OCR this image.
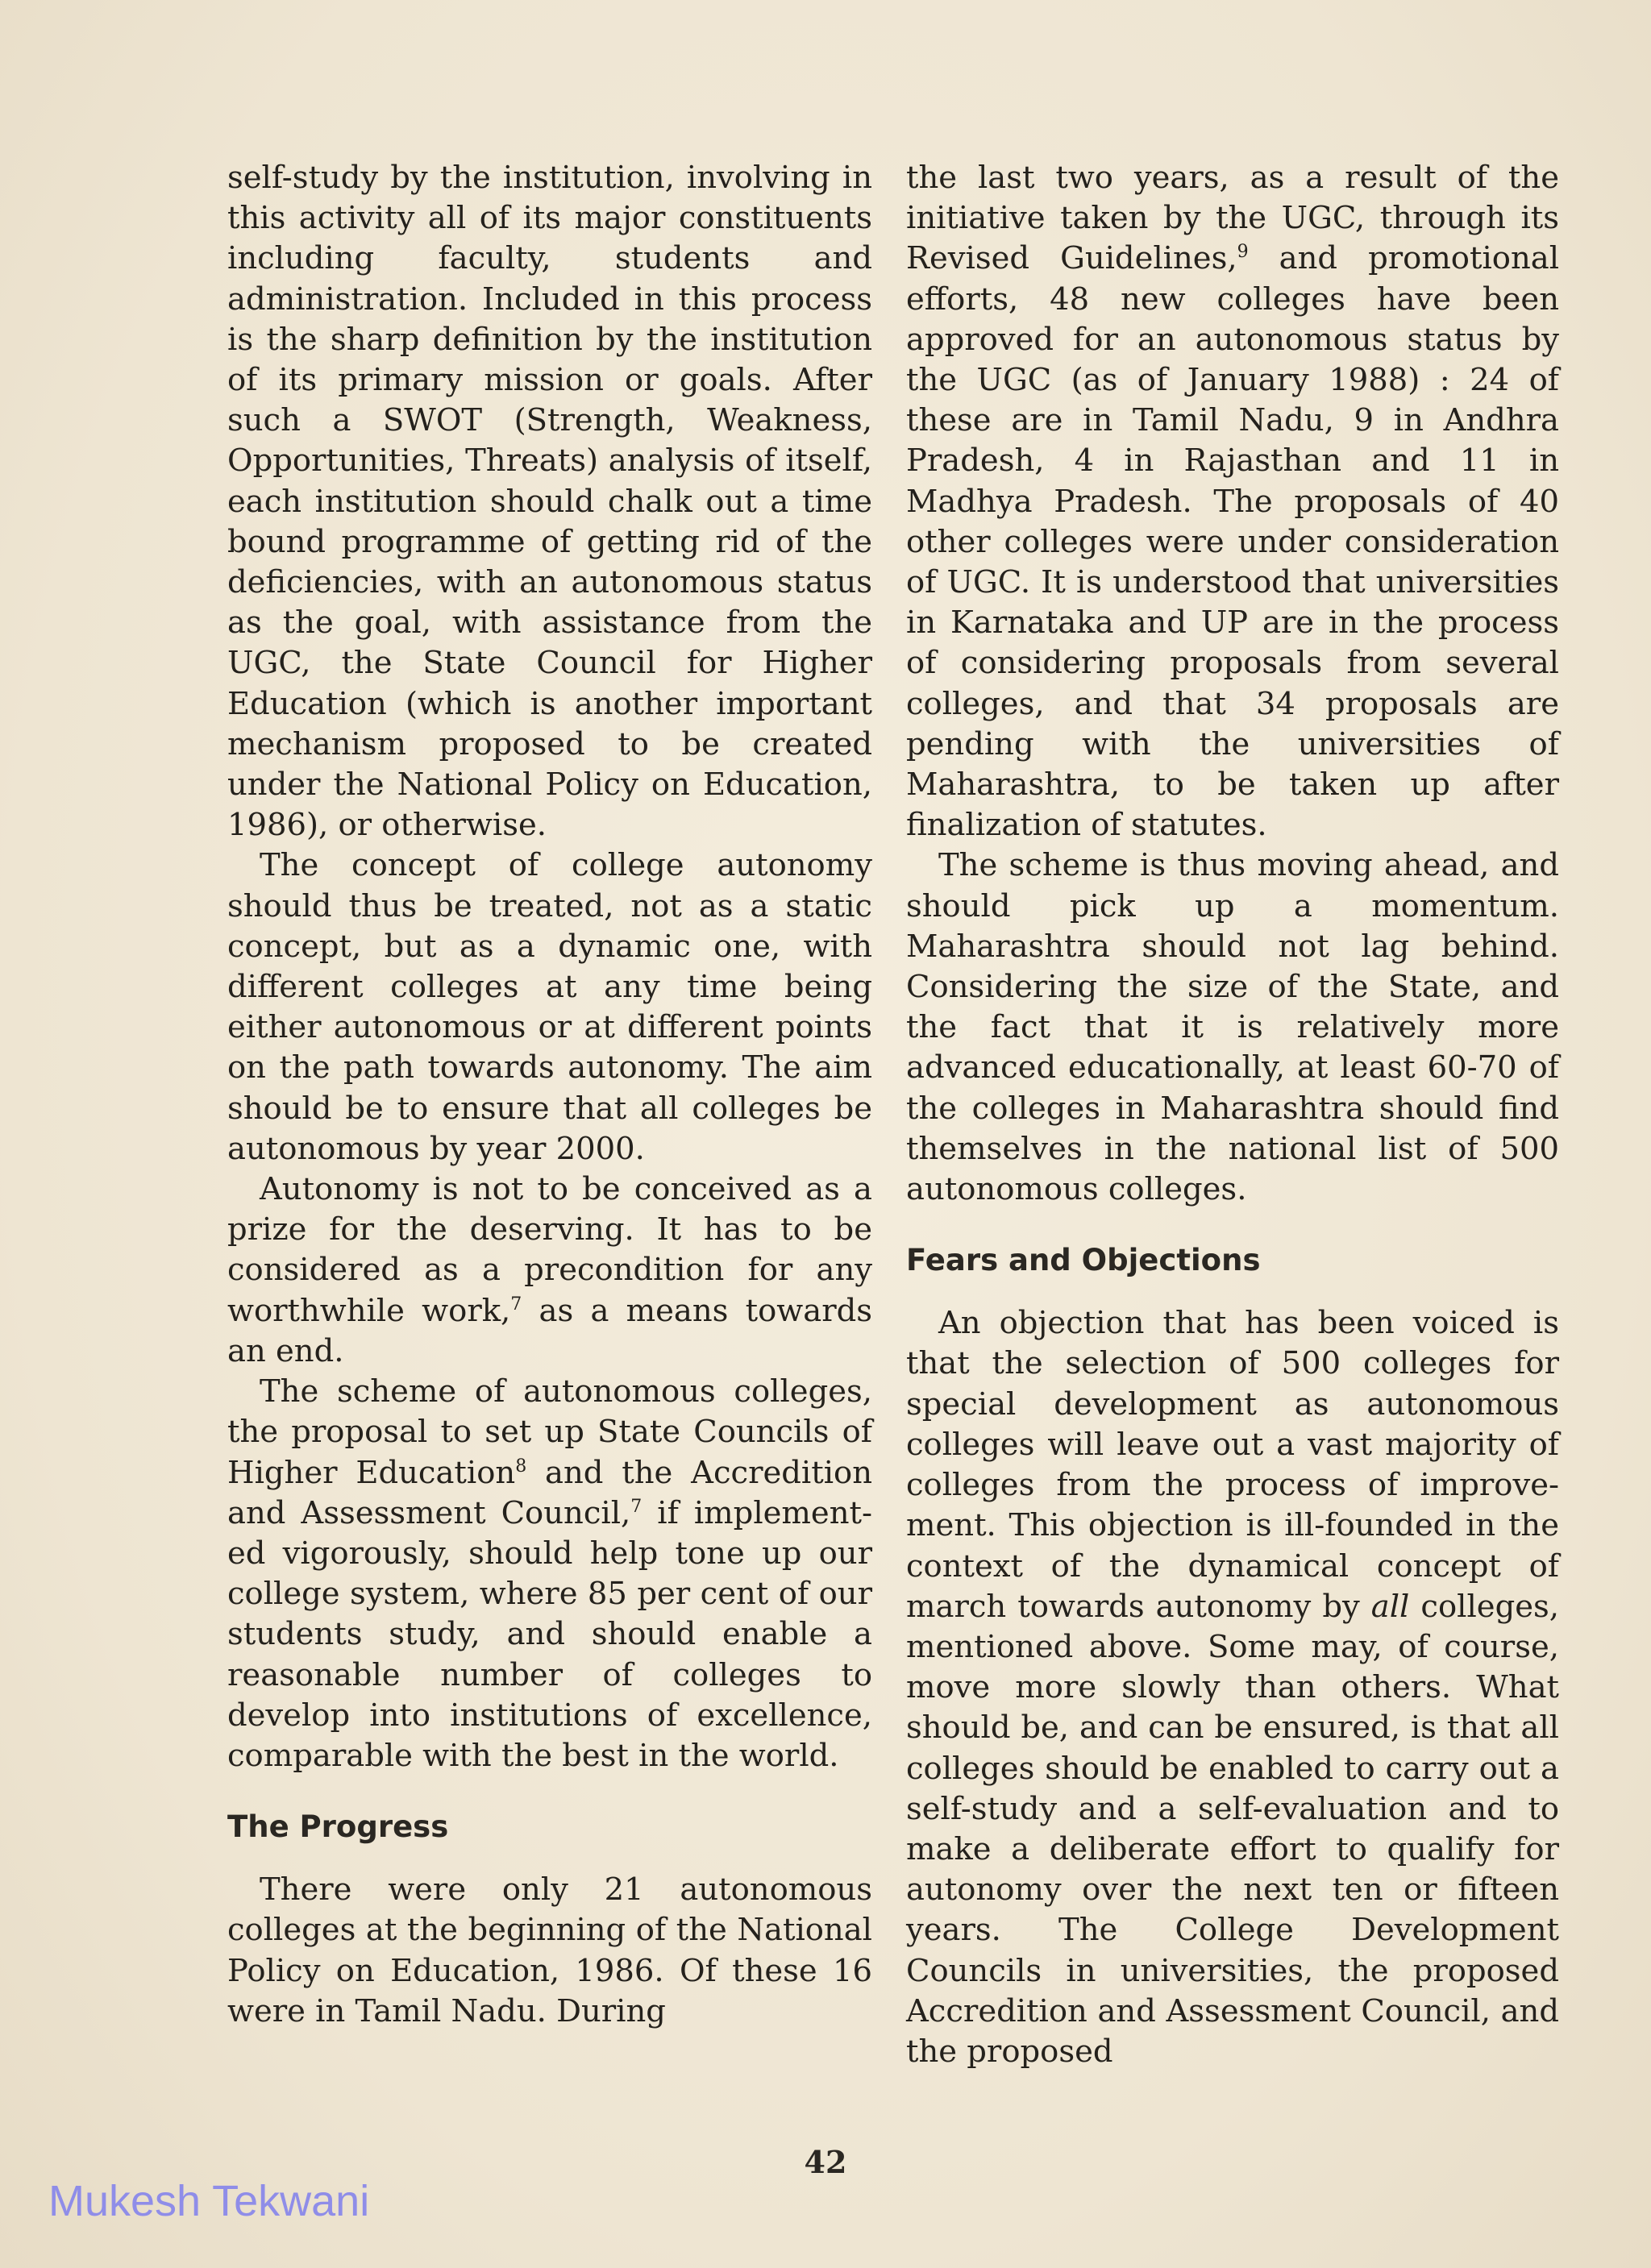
self-study by the institution, involving in this activity all of its major constituents including faculty, students and administration. Included in this process is the sharp definition by the institution of its primary mission or goals. After such a SWOT (Strength, Weakness, Opportunities, Threats) analysis of itself, each institution should chalk out a time bound programme of getting rid of the deficiencies, with an autonomous status as the goal, with assistance from the UGC, the State Council for Higher Education (which is another important mechanism proposed to be created under the National Policy on Education, 1986), or otherwise.

The concept of college autonomy should thus be treated, not as a static concept, but as a dynamic one, with different colleges at any time being either autonomous or at different points on the path towards autonomy. The aim should be to ensure that all colleges be autonomous by year 2000.

Autonomy is not to be conceived as a prize for the deserving. It has to be considered as a precondition for any worthwhile work,$^7$ as a means towards an end.

The scheme of autonomous colleges, the proposal to set up State Councils of Higher Education$^8$ and the Accredition and Assessment Council,$^7$ if implemented vigorously, should help tone up our college system, where 85 per cent of our students study, and should enable a reasonable number of colleges to develop into institutions of excellence, comparable with the best in the world.

The Progress

There were only 21 autonomous colleges at the beginning of the National Policy on Education, 1986. Of these 16 were in Tamil Nadu. During

the last two years, as a result of the initiative taken by the UGC, through its Revised Guidelines,$^9$ and promotional efforts, 48 new colleges have been approved for an autonomous status by the UGC (as of January 1988) : 24 of these are in Tamil Nadu, 9 in Andhra Pradesh, 4 in Rajasthan and 11 in Madhya Pradesh. The proposals of 40 other colleges were under consideration of UGC. It is understood that universities in Karnataka and UP are in the process of considering proposals from several colleges, and that 34 proposals are pending with the universities of Maharashtra, to be taken up after finalization of statutes.

The scheme is thus moving ahead, and should pick up a momentum. Maharashtra should not lag behind. Considering the size of the State, and the fact that it is relatively more advanced educationally, at least 60-70 of the colleges in Maharashtra should find themselves in the national list of 500 autonomous colleges.

Fears and Objections

An objection that has been voiced is that the selection of 500 colleges for special development as autonomous colleges will leave out a vast majority of colleges from the process of improvement. This objection is ill-founded in the context of the dynamical concept of march towards autonomy by all colleges, mentioned above. Some may, of course, move more slowly than others. What should be, and can be ensured, is that all colleges should be enabled to carry out a self-study and a self-evaluation and to make a deliberate effort to qualify for autonomy over the next ten or fifteen years. The College Development Councils in universities, the proposed Accredition and Assessment Council, and the proposed

42
Mukesh Tekwani
